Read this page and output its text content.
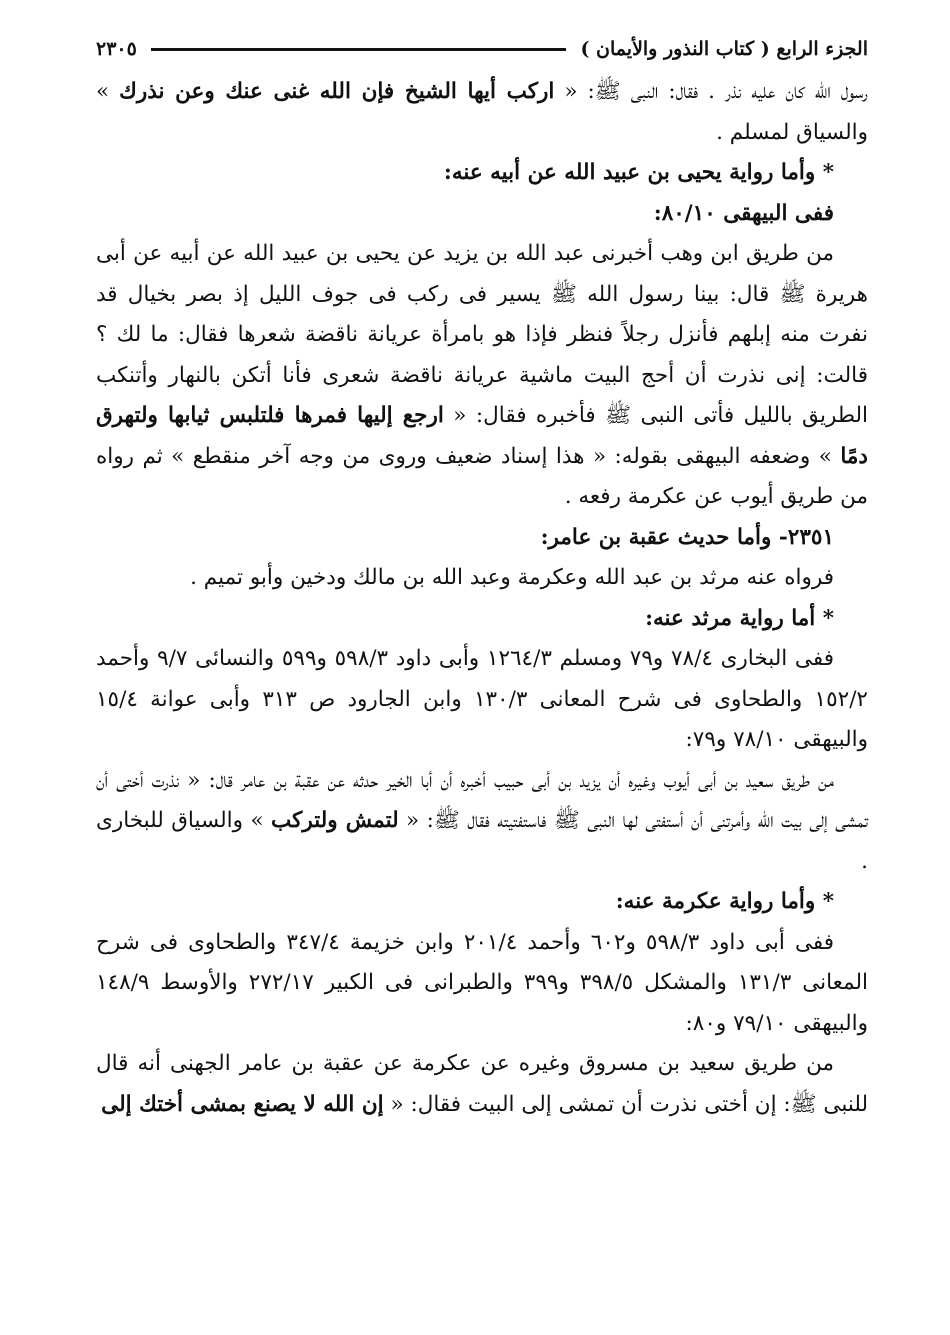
الجزء الرابع ( كتاب النذور والأيمان )
٢٣٠٥

رسول الله كان عليه نذر . فقال: النبى ﷺ: « اركب أيها الشيخ فإن الله غنى عنك وعن نذرك » والسياق لمسلم .

* وأما رواية يحيى بن عبيد الله عن أبيه عنه:

ففى البيهقى ٨٠/١٠:

من طريق ابن وهب أخبرنى عبد الله بن يزيد عن يحيى بن عبيد الله عن أبيه عن أبى هريرة ﷺ قال: بينا رسول الله ﷺ يسير فى ركب فى جوف الليل إذ بصر بخيال قد نفرت منه إبلهم فأنزل رجلاً فنظر فإذا هو بامرأة عريانة ناقضة شعرها فقال: ما لك ؟ قالت: إنى نذرت أن أحج البيت ماشية عريانة ناقضة شعرى فأنا أتكن بالنهار وأتنكب الطريق بالليل فأتى النبى ﷺ فأخبره فقال: « ارجع إليها فمرها فلتلبس ثيابها ولتهرق دمًا » وضعفه البيهقى بقوله: « هذا إسناد ضعيف وروى من وجه آخر منقطع » ثم رواه من طريق أيوب عن عكرمة رفعه .

٢٣٥١- وأما حديث عقبة بن عامر:

فرواه عنه مرثد بن عبد الله وعكرمة وعبد الله بن مالك ودخين وأبو تميم .

* أما رواية مرثد عنه:

ففى البخارى ٧٨/٤ و٧٩ ومسلم ١٢٦٤/٣ وأبى داود ٥٩٨/٣ و٥٩٩ والنسائى ٩/٧ وأحمد ١٥٢/٢ والطحاوى فى شرح المعانى ١٣٠/٣ وابن الجارود ص ٣١٣ وأبى عوانة ١٥/٤ والبيهقى ٧٨/١٠ و٧٩:

من طريق سعيد بن أبى أيوب وغيره أن يزيد بن أبى حبيب أخبره أن أبا الخير حدثه عن عقبة بن عامر قال: « نذرت أختى أن تمشى إلى بيت الله وأمرتنى أن أستفتى لها النبى ﷺ فاستفتيته فقال ﷺ: « لتمش ولتركب » والسياق للبخارى .

* وأما رواية عكرمة عنه:

ففى أبى داود ٥٩٨/٣ و٦٠٢ وأحمد ٢٠١/٤ وابن خزيمة ٣٤٧/٤ والطحاوى فى شرح المعانى ١٣١/٣ والمشكل ٣٩٨/٥ و٣٩٩ والطبرانى فى الكبير ٢٧٢/١٧ والأوسط ١٤٨/٩ والبيهقى ٧٩/١٠ و٨٠:

من طريق سعيد بن مسروق وغيره عن عكرمة عن عقبة بن عامر الجهنى أنه قال للنبى ﷺ: إن أختى نذرت أن تمشى إلى البيت فقال: « إن الله لا يصنع بمشى أختك إلى
